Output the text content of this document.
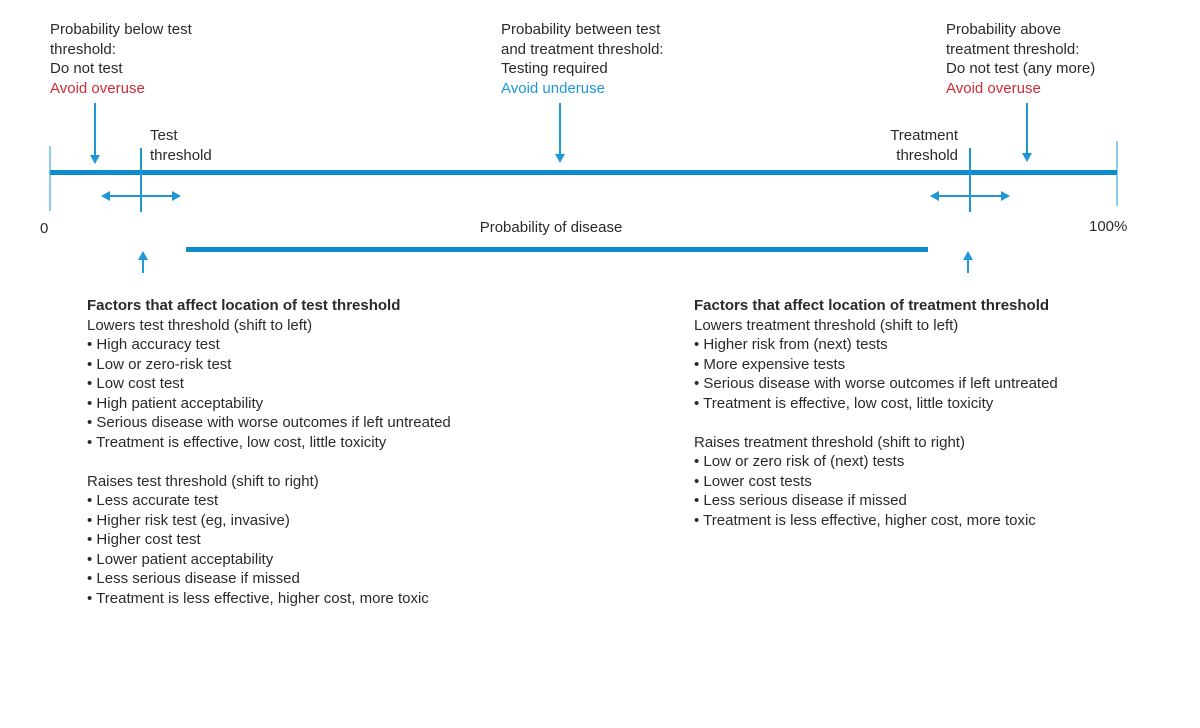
Probability below test
threshold:
Do not test
Avoid overuse
Probability between test
and treatment threshold:
Testing required
Avoid underuse
Probability above
treatment threshold:
Do not test (any more)
Avoid overuse
Test
threshold
Treatment
threshold
0	100%
Probability of disease
Factors that affect location of test threshold
Lowers test threshold (shift to left)
• High accuracy test
• Low or zero-risk test
• Low cost test
• High patient acceptability
• Serious disease with worse outcomes if left untreated
• Treatment is effective, low cost, little toxicity
Raises test threshold (shift to right)
• Less accurate test
• Higher risk test (eg, invasive)
• Higher cost test
• Lower patient acceptability
• Less serious disease if missed
• Treatment is less effective, higher cost, more toxic
Factors that affect location of treatment threshold
Lowers treatment threshold (shift to left)
• Higher risk from (next) tests
• More expensive tests
• Serious disease with worse outcomes if left untreated
• Treatment is effective, low cost, little toxicity
Raises treatment threshold (shift to right)
• Low or zero risk of (next) tests
• Lower cost tests
• Less serious disease if missed
• Treatment is less effective, higher cost, more toxic
